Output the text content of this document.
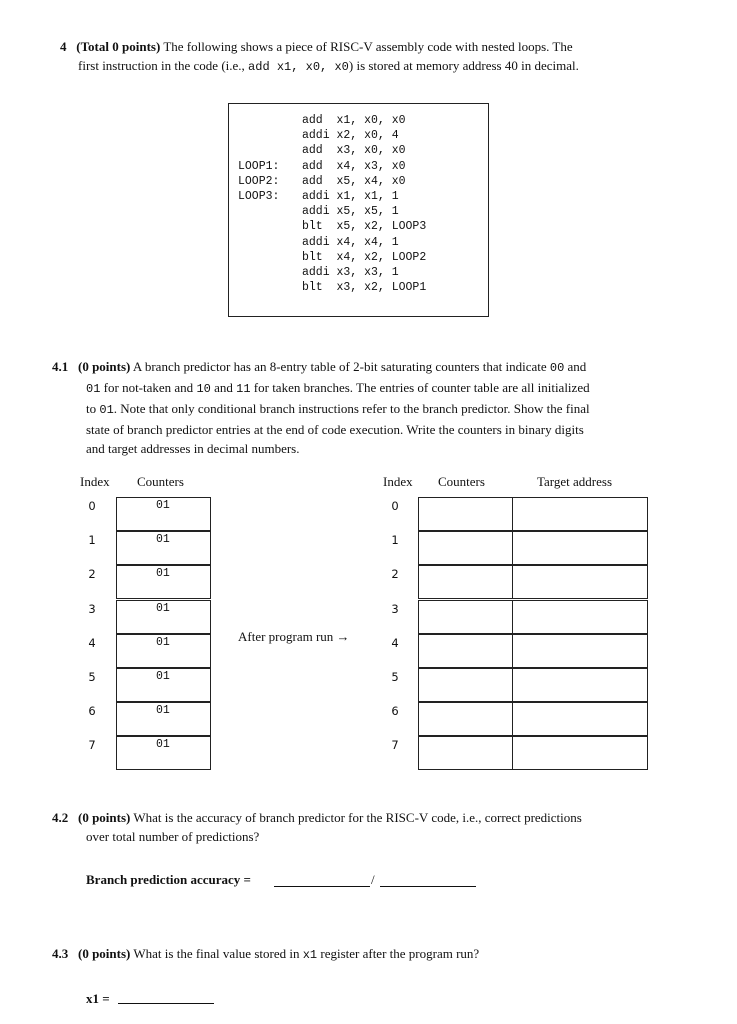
4 (Total 0 points) The following shows a piece of RISC-V assembly code with nested loops. The
first instruction in the code (i.e., add x1, x0, x0) is stored at memory address 40 in decimal.
add  x1, x0, x0
addi x2, x0, 4
add  x3, x0, x0
LOOP1: add  x4, x3, x0
LOOP2: add  x5, x4, x0
LOOP3: addi x1, x1, 1
addi x5, x5, 1
blt  x5, x2, LOOP3
addi x4, x4, 1
blt  x4, x2, LOOP2
addi x3, x3, 1
blt  x3, x2, LOOP1
4.1 (0 points) A branch predictor has an 8-entry table of 2-bit saturating counters that indicate 00 and
01 for not-taken and 10 and 11 for taken branches. The entries of counter table are all initialized
to 01. Note that only conditional branch instructions refer to the branch predictor. Show the final
state of branch predictor entries at the end of code execution. Write the counters in binary digits
and target addresses in decimal numbers.
Index Counters
0	01
1	01
2	01
3	01
4	01
5	01
6	01
7	01
After program run →
Index Counters	Target address
0
1
2
3
4
5
6
7
4.2 (0 points) What is the accuracy of branch predictor for the RISC-V code, i.e., correct predictions
over total number of predictions?
Branch prediction accuracy =	/
4.3 (0 points) What is the final value stored in x1 register after the program run?
x1 =
